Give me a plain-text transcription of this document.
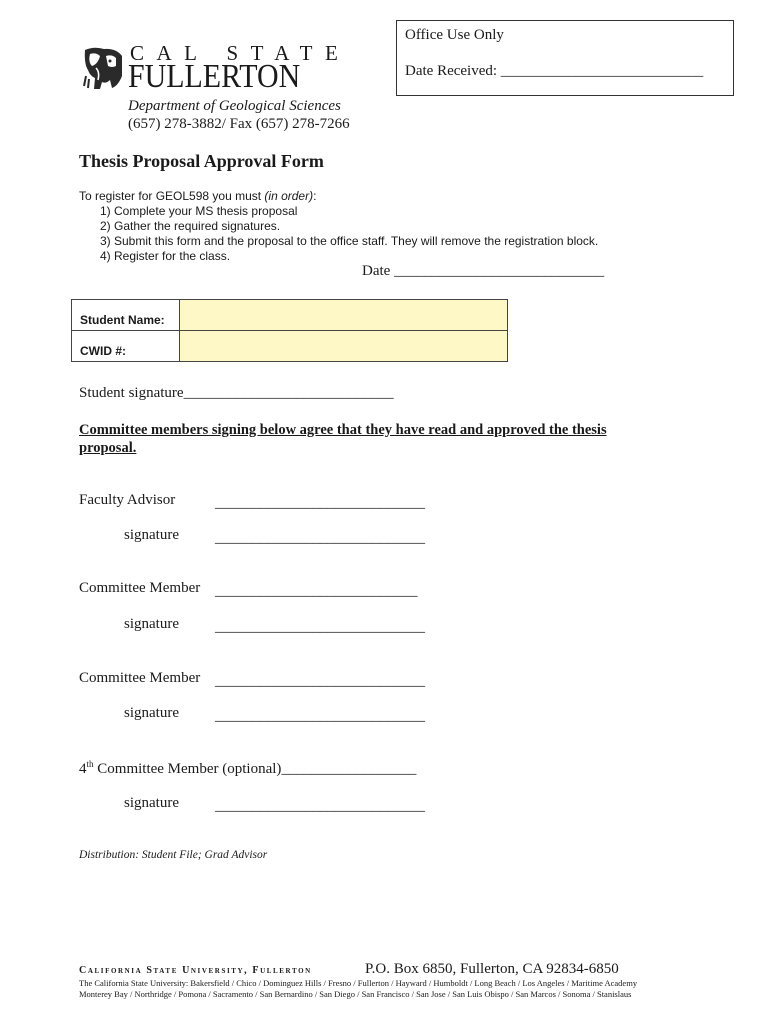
Office Use Only
Date Received: ___________________________
CAL STATE
FULLERTON
Department of Geological Sciences
(657) 278-3882/ Fax (657) 278-7266
Thesis Proposal Approval Form
To register for GEOL598 you must (in order):
1) Complete your MS thesis proposal
2) Gather the required signatures.
3) Submit this form and the proposal to the office staff. They will remove the registration block.
4) Register for the class.
Date ____________________________
Student Name:	
CWID #:	
Student signature____________________________
Committee members signing below agree that they have read and approved the thesis proposal.
Faculty Advisor	____________________________
signature ____________________________
Committee Member ___________________________
signature ____________________________
Committee Member ____________________________
signature ____________________________
4th Committee Member (optional)__________________
signature ____________________________
Distribution: Student File; Grad Advisor
California State University, Fullerton	P.O. Box 6850, Fullerton, CA 92834-6850
The California State University: Bakersfield / Chico / Dominguez Hills / Fresno / Fullerton / Hayward / Humboldt / Long Beach / Los Angeles / Maritime Academy
Monterey Bay / Northridge / Pomona / Sacramento / San Bernardino / San Diego / San Francisco / San Jose / San Luis Obispo / San Marcos / Sonoma / Stanislaus
